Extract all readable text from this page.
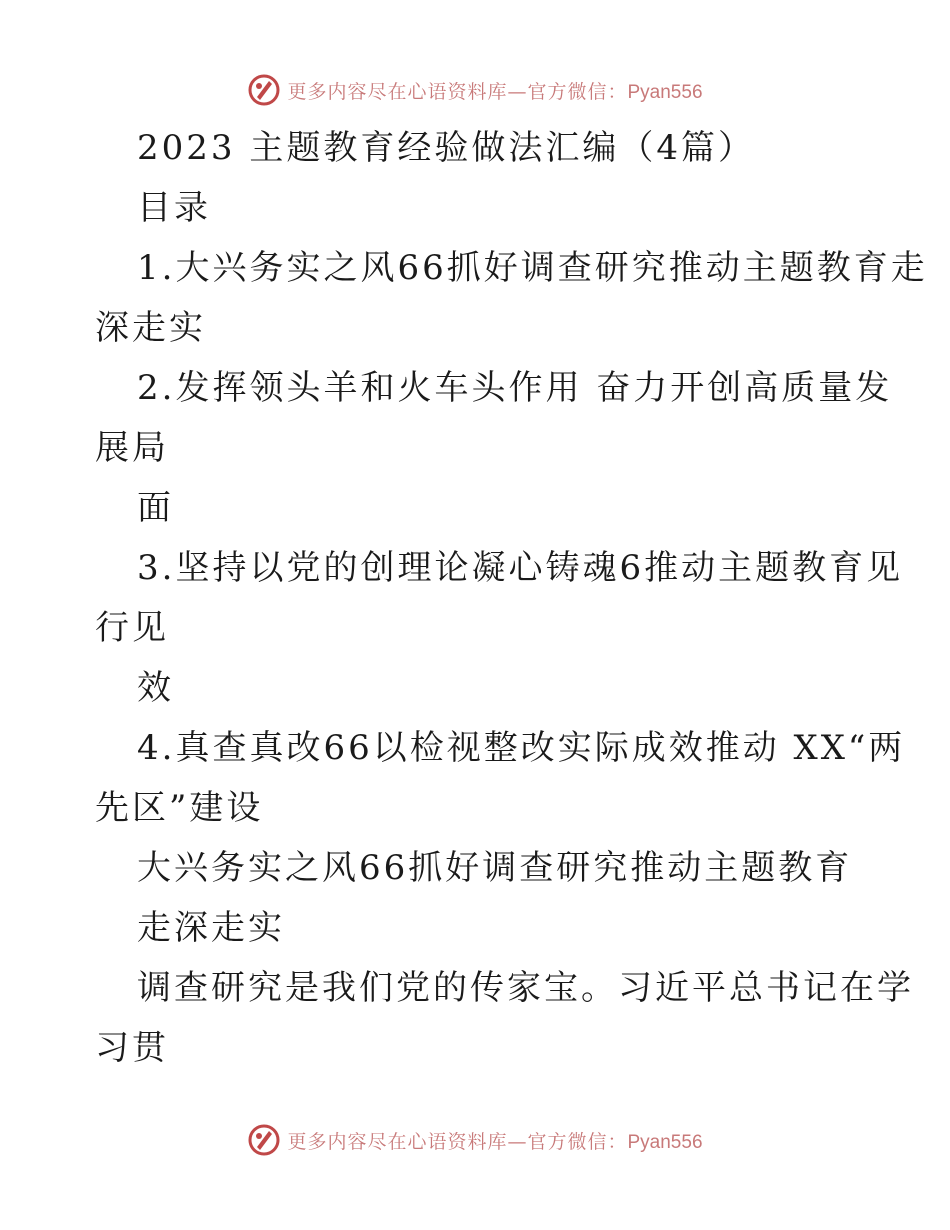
更多内容尽在心语资料库—官方微信：Pyan556
2023 主题教育经验做法汇编（4篇）
目录
1.大兴务实之风66抓好调查研究推动主题教育走
深走实
2.发挥领头羊和火车头作用 奋力开创高质量发
展局
面
3.坚持以党的创理论凝心铸魂6推动主题教育见
行见
效
4.真查真改66以检视整改实际成效推动 XX“两
先区”建设
大兴务实之风66抓好调查研究推动主题教育
走深走实
调查研究是我们党的传家宝。习近平总书记在学
习贯
更多内容尽在心语资料库—官方微信：Pyan556
